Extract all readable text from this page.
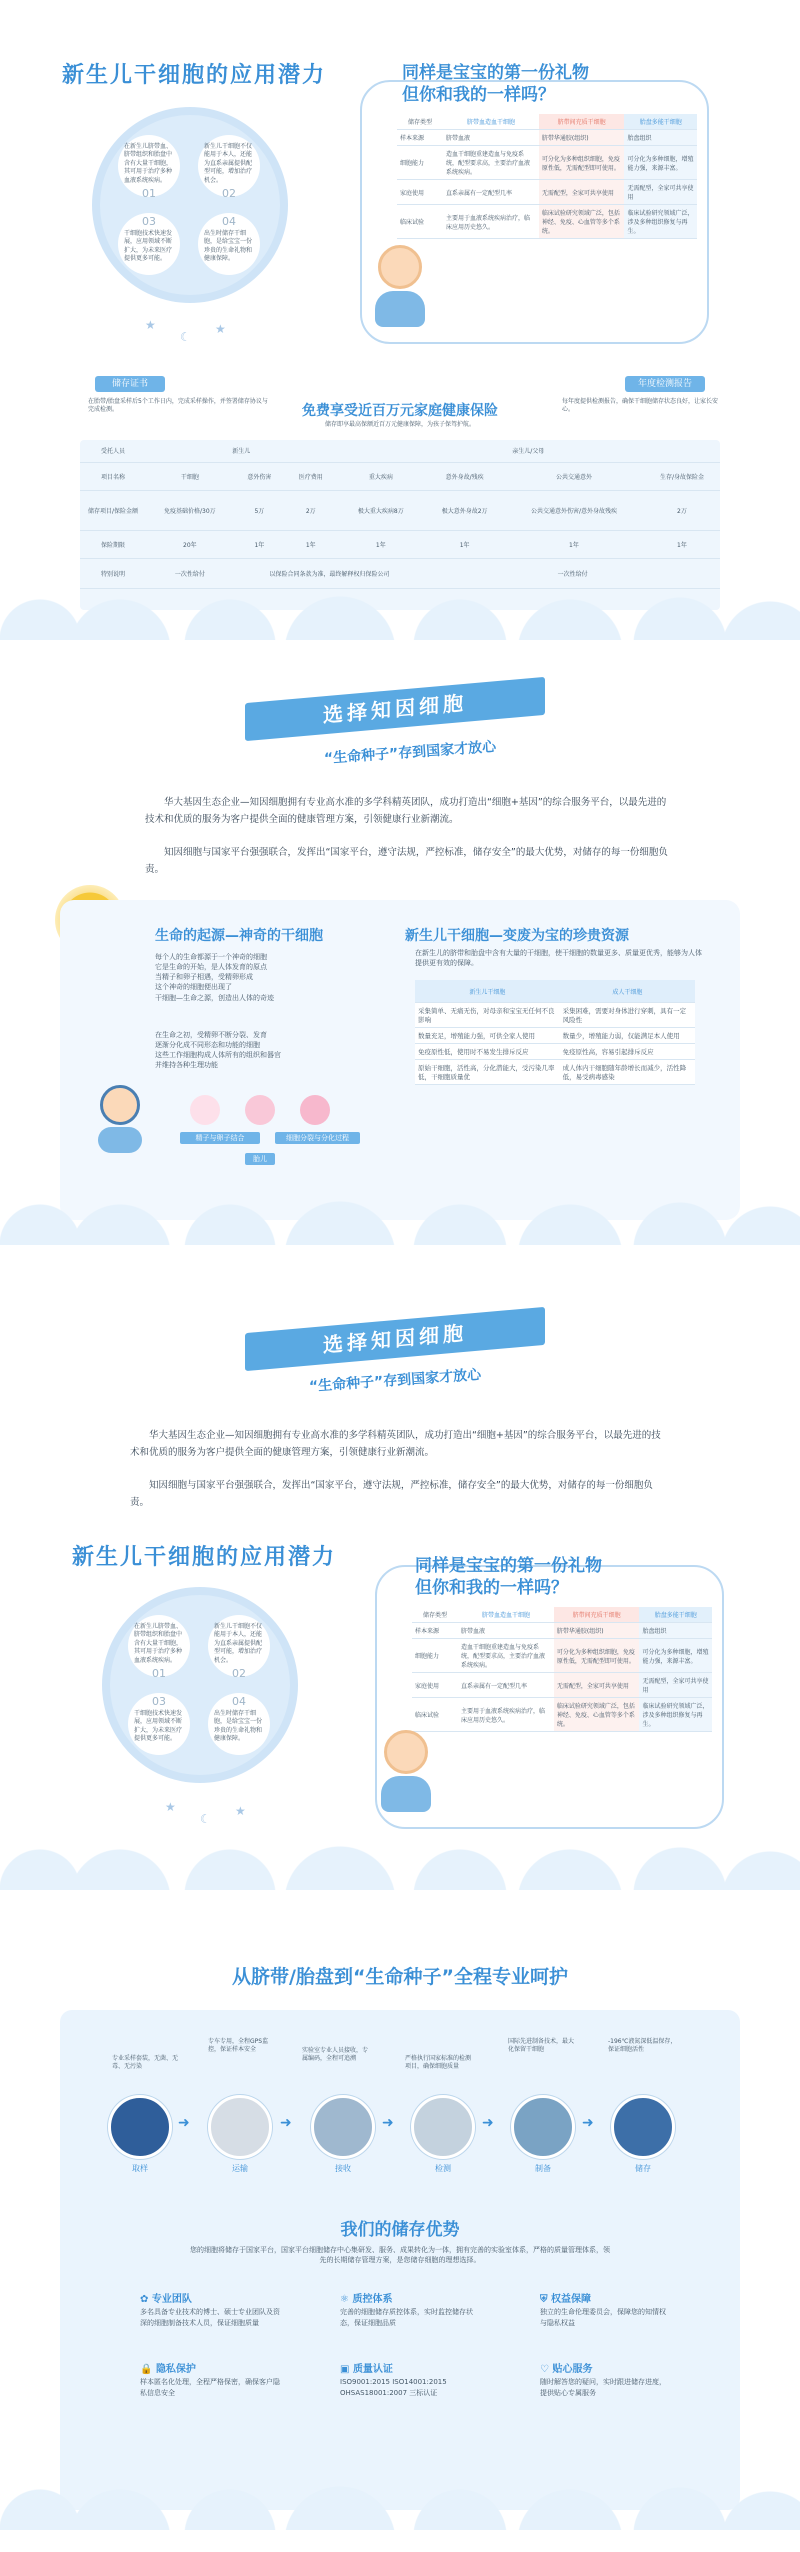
新生儿干细胞的应用潜力
在新生儿脐带血、脐带组织和胎盘中含有大量干细胞，其可用于治疗多种血液系统疾病。
01
新生儿干细胞不仅能用于本人，还能为直系亲属提供配型可能，增加治疗机会。
02
03
干细胞技术快速发展，应用领域不断扩大，为未来医疗提供更多可能。
04
出生时储存干细胞，是给宝宝一份珍贵的生命礼物和健康保障。
★
☾
★
同样是宝宝的第一份礼物
但你和我的一样吗？
储存类型	脐带血造血干细胞	脐带间充质干细胞	胎盘多能干细胞
样本来源	脐带血液	脐带华通胶(组织)	胎盘组织
细胞能力	造血干细胞重建造血与免疫系统，配型要求高，主要治疗血液系统疾病。	可分化为多种组织细胞，免疫原性低，无需配型即可使用。	可分化为多种细胞，增殖能力强，来源丰富。
家庭使用	直系亲属有一定配型几率	无需配型，全家可共享使用	无需配型，全家可共享使用
临床试验	主要用于血液系统疾病治疗，临床应用历史悠久。	临床试验研究领域广泛，包括神经、免疫、心血管等多个系统。	临床试验研究领域广泛，涉及多种组织修复与再生。
储存证书	年度检测报告
在胎带/胎盘采样后5个工作日内，完成采样操作，并签署储存协议与完成检测。
每年度提供检测报告，确保干细胞储存状态良好，让家长安心。
免费享受近百万元家庭健康保险
储存即享最高保额近百万元健康保障，为孩子保驾护航。
受托人员	新生儿			亲生儿/父母			
项目名称	干细胞	意外伤害	医疗费用	重大疾病	意外身故/残疾	公共交通意外	生存/身故保险金
储存项目/保险金额	免疫基础价格/30万	5万	2万	极大重大疾病8万	极大意外身故2万	公共交通意外伤害/意外身故残疾	2万
保险期限	20年	1年	1年	1年	1年	1年	1年
特别说明	一次性给付	以保险合同条款为准，最终解释权归保险公司			一次性给付		
选择知因细胞
“生命种子”存到国家才放心
华大基因生态企业—知因细胞拥有专业高水准的多学科精英团队，成功打造出“细胞+基因”的综合服务平台，以最先进的技术和优质的服务为客户提供全面的健康管理方案，引领健康行业新潮流。
知因细胞与国家平台强强联合，发挥出“国家平台，遵守法规，严控标准，储存安全”的最大优势，对储存的每一份细胞负责。
生命的起源—神奇的干细胞
每个人的生命都源于一个神奇的细胞
它是生命的开始，是人体发育的原点
当精子和卵子相遇，受精卵形成
这个神奇的细胞便出现了
干细胞—生命之源，创造出人体的奇迹
在生命之初，受精卵不断分裂、发育
逐渐分化成不同形态和功能的细胞
这些工作细胞构成人体所有的组织和器官
并维持各种生理功能
精子与卵子结合	细胞分裂与分化过程
胎儿
新生儿干细胞—变废为宝的珍贵资源
在新生儿的脐带和胎盘中含有大量的干细胞，使干细胞的数量更多、质量更优秀，能够为人体提供更有效的保障。
新生儿干细胞	成人干细胞
采集简单、无痛无伤，对母亲和宝宝无任何不良影响	采集困难，需要对身体进行穿刺，具有一定风险性
数量充足，增殖能力强，可供全家人使用	数量少，增殖能力弱，仅能满足本人使用
免疫原性低，使用时不易发生排斥反应	免疫原性高，容易引起排斥反应
原始干细胞，活性高，分化潜能大，受污染几率低，干细胞质量优	成人体内干细胞随年龄增长而减少，活性降低，易受病毒感染
选择知因细胞
“生命种子”存到国家才放心
华大基因生态企业—知因细胞拥有专业高水准的多学科精英团队，成功打造出“细胞+基因”的综合服务平台，以最先进的技术和优质的服务为客户提供全面的健康管理方案，引领健康行业新潮流。
知因细胞与国家平台强强联合，发挥出“国家平台，遵守法规，严控标准，储存安全”的最大优势，对储存的每一份细胞负责。
新生儿干细胞的应用潜力
在新生儿脐带血、脐带组织和胎盘中含有大量干细胞，其可用于治疗多种血液系统疾病。
01
新生儿干细胞不仅能用于本人，还能为直系亲属提供配型可能，增加治疗机会。
02
03
干细胞技术快速发展，应用领域不断扩大，为未来医疗提供更多可能。
04
出生时储存干细胞，是给宝宝一份珍贵的生命礼物和健康保障。
★
☾
★
同样是宝宝的第一份礼物
但你和我的一样吗？
储存类型	脐带血造血干细胞	脐带间充质干细胞	胎盘多能干细胞
样本来源	脐带血液	脐带华通胶(组织)	胎盘组织
细胞能力	造血干细胞重建造血与免疫系统，配型要求高，主要治疗血液系统疾病。	可分化为多种组织细胞，免疫原性低，无需配型即可使用。	可分化为多种细胞，增殖能力强，来源丰富。
家庭使用	直系亲属有一定配型几率	无需配型，全家可共享使用	无需配型，全家可共享使用
临床试验	主要用于血液系统疾病治疗，临床应用历史悠久。	临床试验研究领域广泛，包括神经、免疫、心血管等多个系统。	临床试验研究领域广泛，涉及多种组织修复与再生。
从脐带/胎盘到“生命种子”全程专业呵护
专业采样套装，无菌、无毒、无污染
专车专用，全程GPS监控，保证样本安全	实验室专业人员接收，专属编码，全程可追溯	严格执行国家标准的检测项目，确保细胞质量
国际先进制备技术，最大化保留干细胞
-196℃液氮深低温保存，保证细胞活性
取样
➜
运输
➜
接收
➜
检测
➜
制备
➜
储存
我们的储存优势
您的细胞将储存于国家平台，国家平台细胞储存中心集研发、服务、成果转化为一体，拥有完善的实验室体系，严格的质量管理体系，领先的长期储存管理方案，是您储存细胞的理想选择。
✿ 专业团队
多名具备专业技术的博士、硕士专业团队及资深的细胞制备技术人员，保证细胞质量
⚛ 质控体系
完善的细胞储存质控体系，实时监控储存状态，保证细胞品质
⛨ 权益保障
独立的生命伦理委员会，保障您的知情权与隐私权益
🔒 隐私保护
样本匿名化处理，全程严格保密，确保客户隐私信息安全
▣ 质量认证
ISO9001:2015 ISO14001:2015 OHSAS18001:2007 三标认证
♡ 贴心服务
随时解答您的疑问，实时跟进储存进度，提供贴心专属服务
